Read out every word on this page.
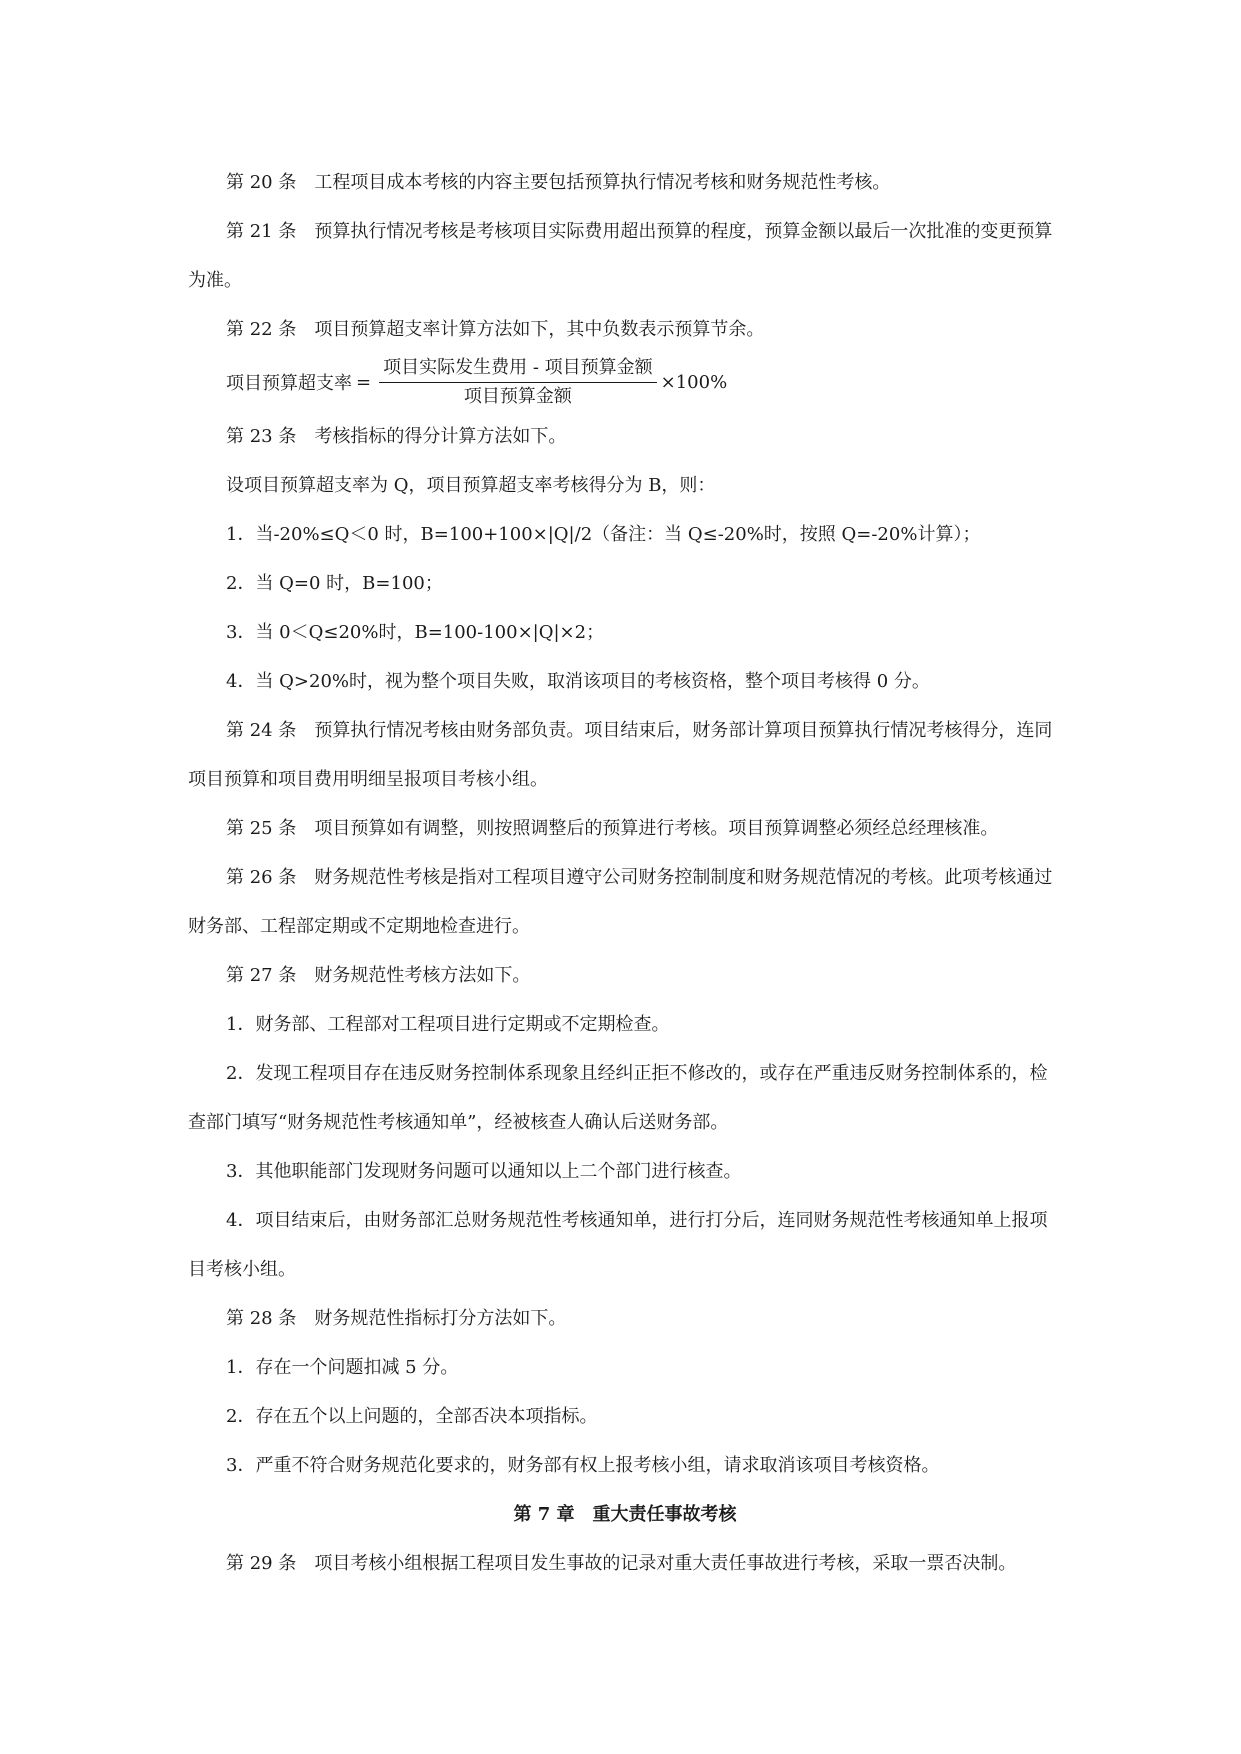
第 20 条　工程项目成本考核的内容主要包括预算执行情况考核和财务规范性考核。

第 21 条　预算执行情况考核是考核项目实际费用超出预算的程度，预算金额以最后一次批准的变更预算为准。

第 22 条　项目预算超支率计算方法如下，其中负数表示预算节余。

项目预算超支率 = $\frac{\text{项目实际发生费用 - 项目预算金额}}{\text{项目预算金额}} \times 100\%$

第 23 条　考核指标的得分计算方法如下。

设项目预算超支率为 Q，项目预算超支率考核得分为 B，则：

1．当-20%≤Q＜0 时，B=100+100×|Q|/2（备注：当 Q≤-20%时，按照 Q=-20%计算）；

2．当 Q=0 时，B=100；

3．当 0＜Q≤20%时，B=100-100×|Q|×2；

4．当 Q>20%时，视为整个项目失败，取消该项目的考核资格，整个项目考核得 0 分。

第 24 条　预算执行情况考核由财务部负责。项目结束后，财务部计算项目预算执行情况考核得分，连同项目预算和项目费用明细呈报项目考核小组。

第 25 条　项目预算如有调整，则按照调整后的预算进行考核。项目预算调整必须经总经理核准。

第 26 条　财务规范性考核是指对工程项目遵守公司财务控制制度和财务规范情况的考核。此项考核通过财务部、工程部定期或不定期地检查进行。

第 27 条　财务规范性考核方法如下。

1．财务部、工程部对工程项目进行定期或不定期检查。

2．发现工程项目存在违反财务控制体系现象且经纠正拒不修改的，或存在严重违反财务控制体系的，检查部门填写“财务规范性考核通知单”，经被核查人确认后送财务部。

3．其他职能部门发现财务问题可以通知以上二个部门进行核查。

4．项目结束后，由财务部汇总财务规范性考核通知单，进行打分后，连同财务规范性考核通知单上报项目考核小组。

第 28 条　财务规范性指标打分方法如下。

1．存在一个问题扣减 5 分。

2．存在五个以上问题的，全部否决本项指标。

3．严重不符合财务规范化要求的，财务部有权上报考核小组，请求取消该项目考核资格。

第 7 章　重大责任事故考核

第 29 条　项目考核小组根据工程项目发生事故的记录对重大责任事故进行考核，采取一票否决制。
